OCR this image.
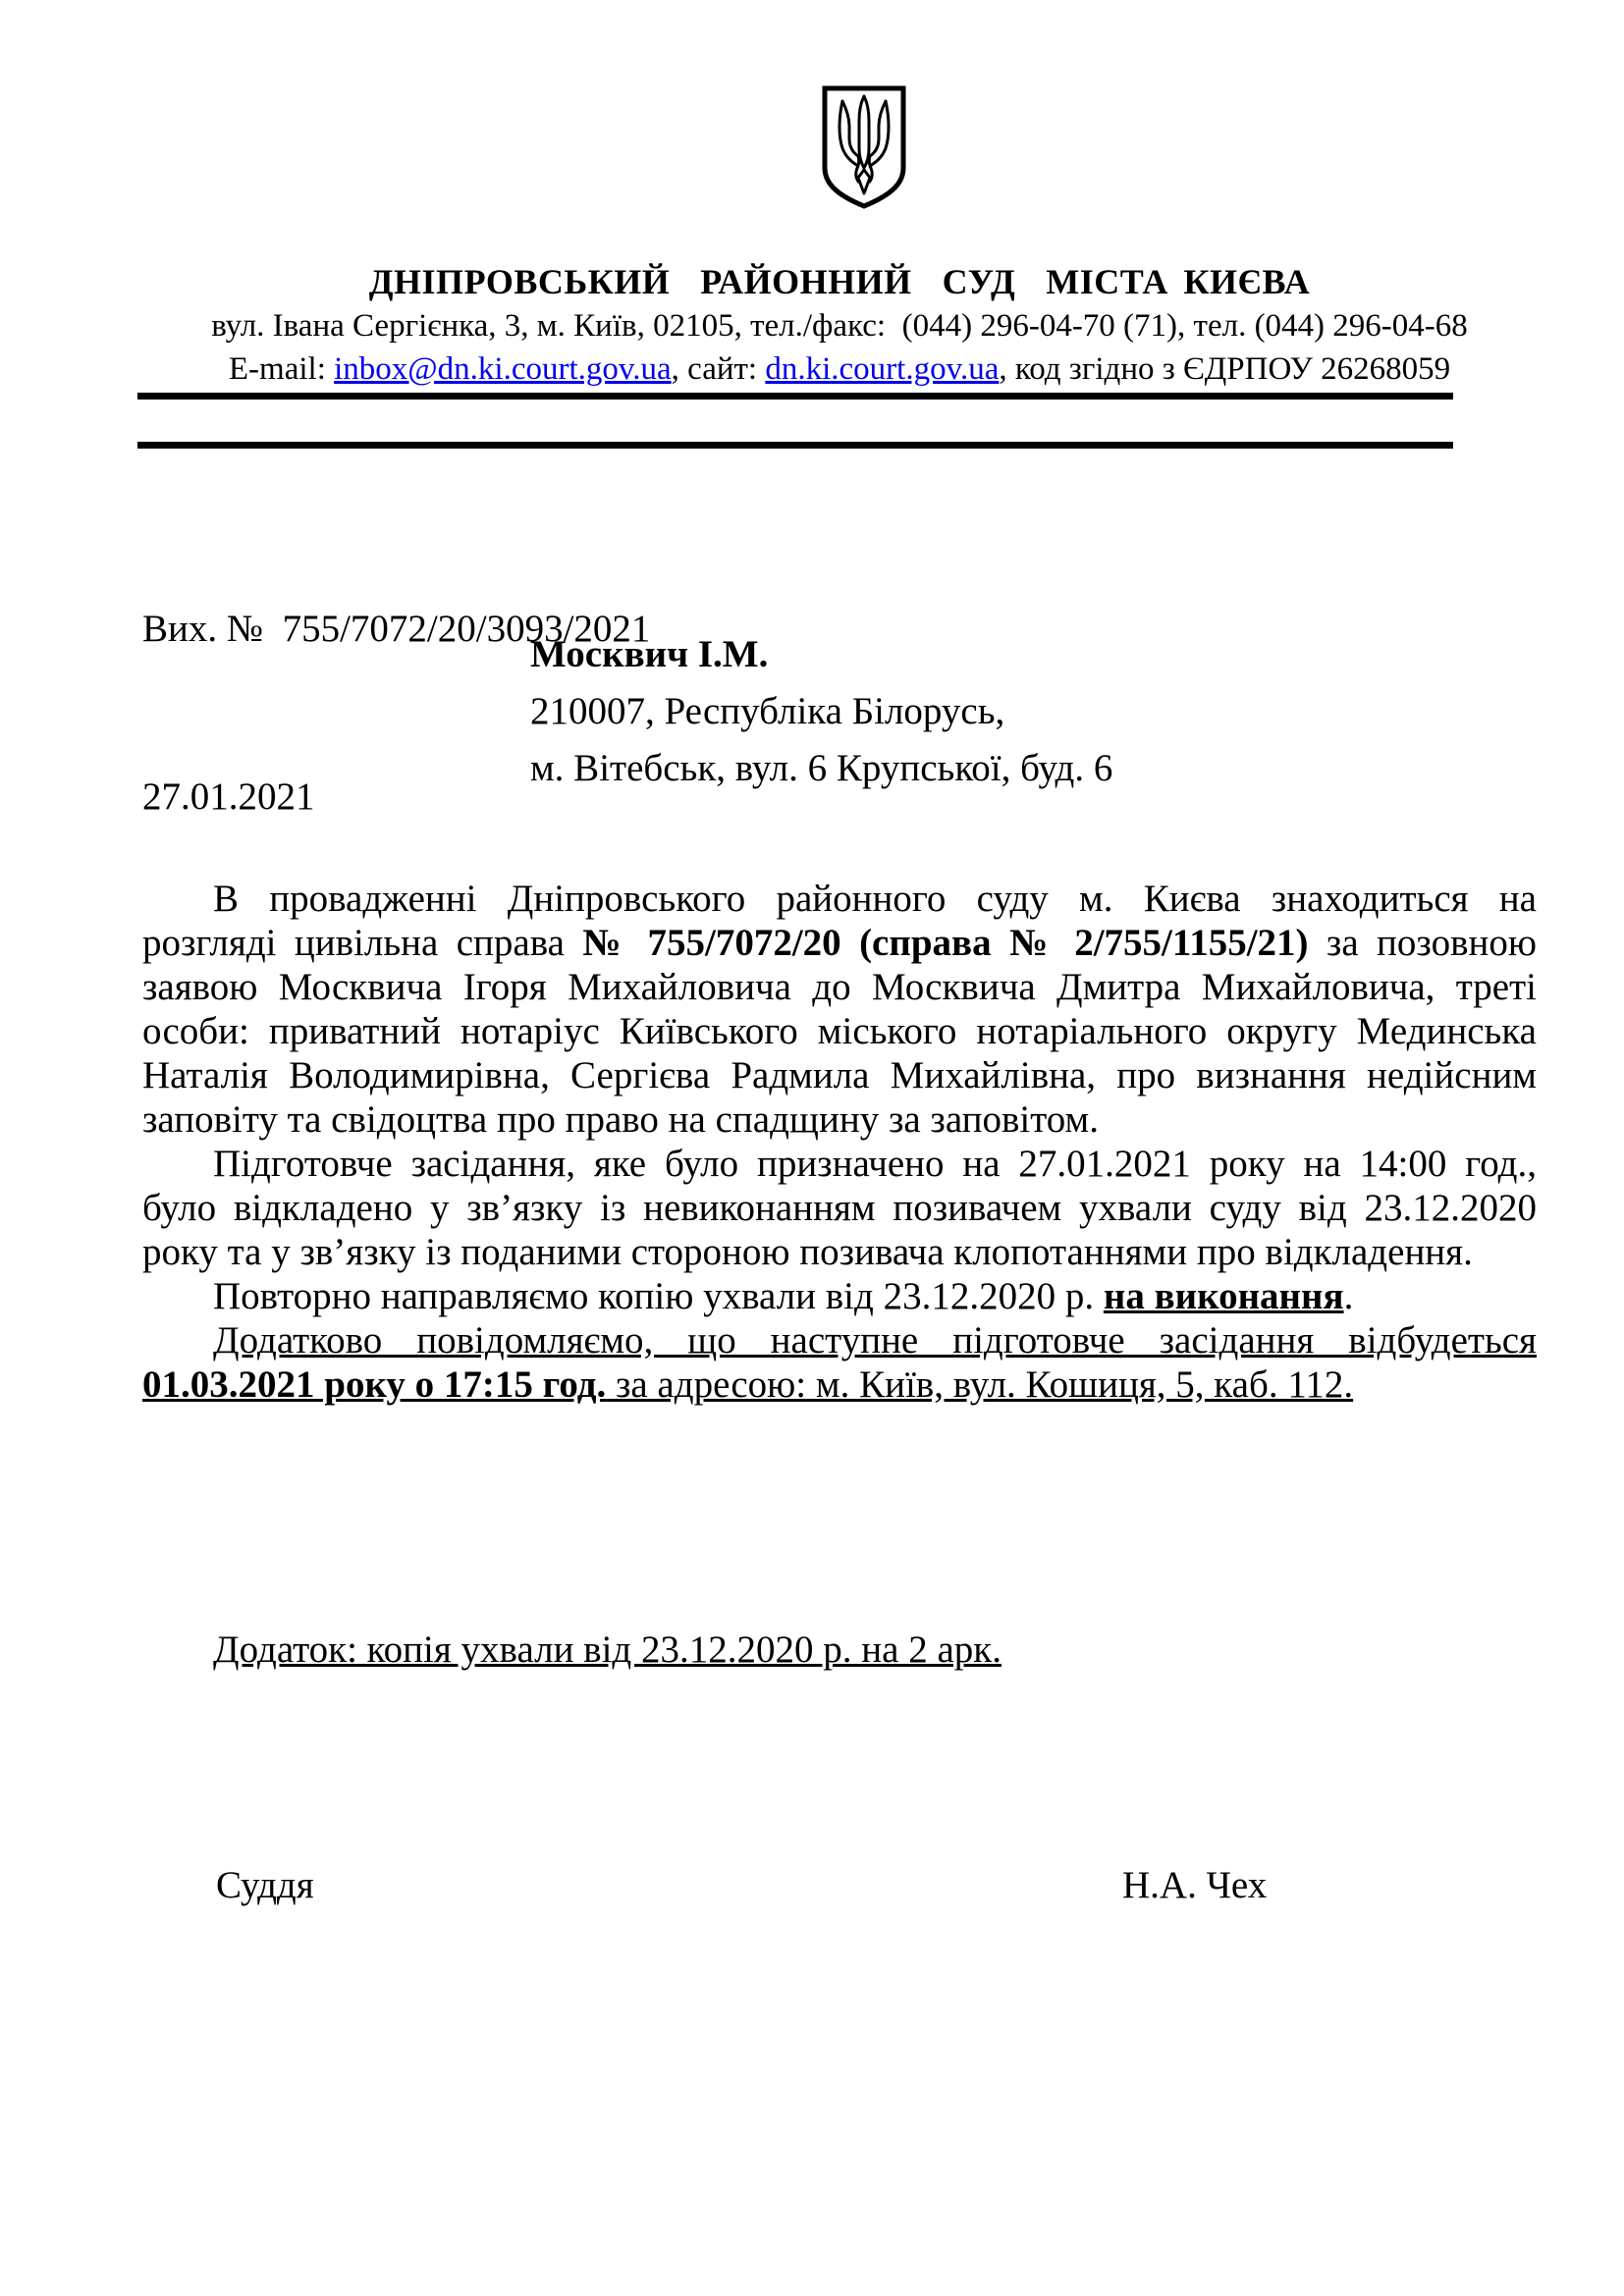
ДНІПРОВСЬКИЙ  РАЙОННИЙ  СУД  МІСТА КИЄВА
вул. Івана Сергієнка, 3, м. Київ, 02105, тел./факс:  (044) 296-04-70 (71), тел. (044) 296-04-68
E-mail: inbox@dn.ki.court.gov.ua, сайт: dn.ki.court.gov.ua, код згідно з ЄДРПОУ 26268059

Вих. №  755/7072/20/3093/2021

27.01.2021

Москвич І.М.
210007, Республіка Білорусь,
м. Вітебськ, вул. 6 Крупської, буд. 6
В провадженні Дніпровського районного суду м. Києва знаходиться на
розгляді цивільна справа № 755/7072/20 (справа № 2/755/1155/21) за позовною
заявою Москвича Ігоря Михайловича до Москвича Дмитра Михайловича, треті
особи: приватний нотаріус Київського міського нотаріального округу Мединська
Наталія Володимирівна, Сергієва Радмила Михайлівна, про визнання недійсним
заповіту та свідоцтва про право на спадщину за заповітом.
Підготовче засідання, яке було призначено на 27.01.2021 року на 14:00 год.,
було відкладено у зв’язку із невиконанням позивачем ухвали суду від 23.12.2020
року та у зв’язку із поданими стороною позивача клопотаннями про відкладення.
Повторно направляємо копію ухвали від 23.12.2020 р. на виконання.
Додатково повідомляємо, що наступне підготовче засідання відбудеться
01.03.2021 року о 17:15 год. за адресою: м. Київ, вул. Кошиця, 5, каб. 112.
Додаток: копія ухвали від 23.12.2020 р. на 2 арк.
Суддя	Н.А. Чех
